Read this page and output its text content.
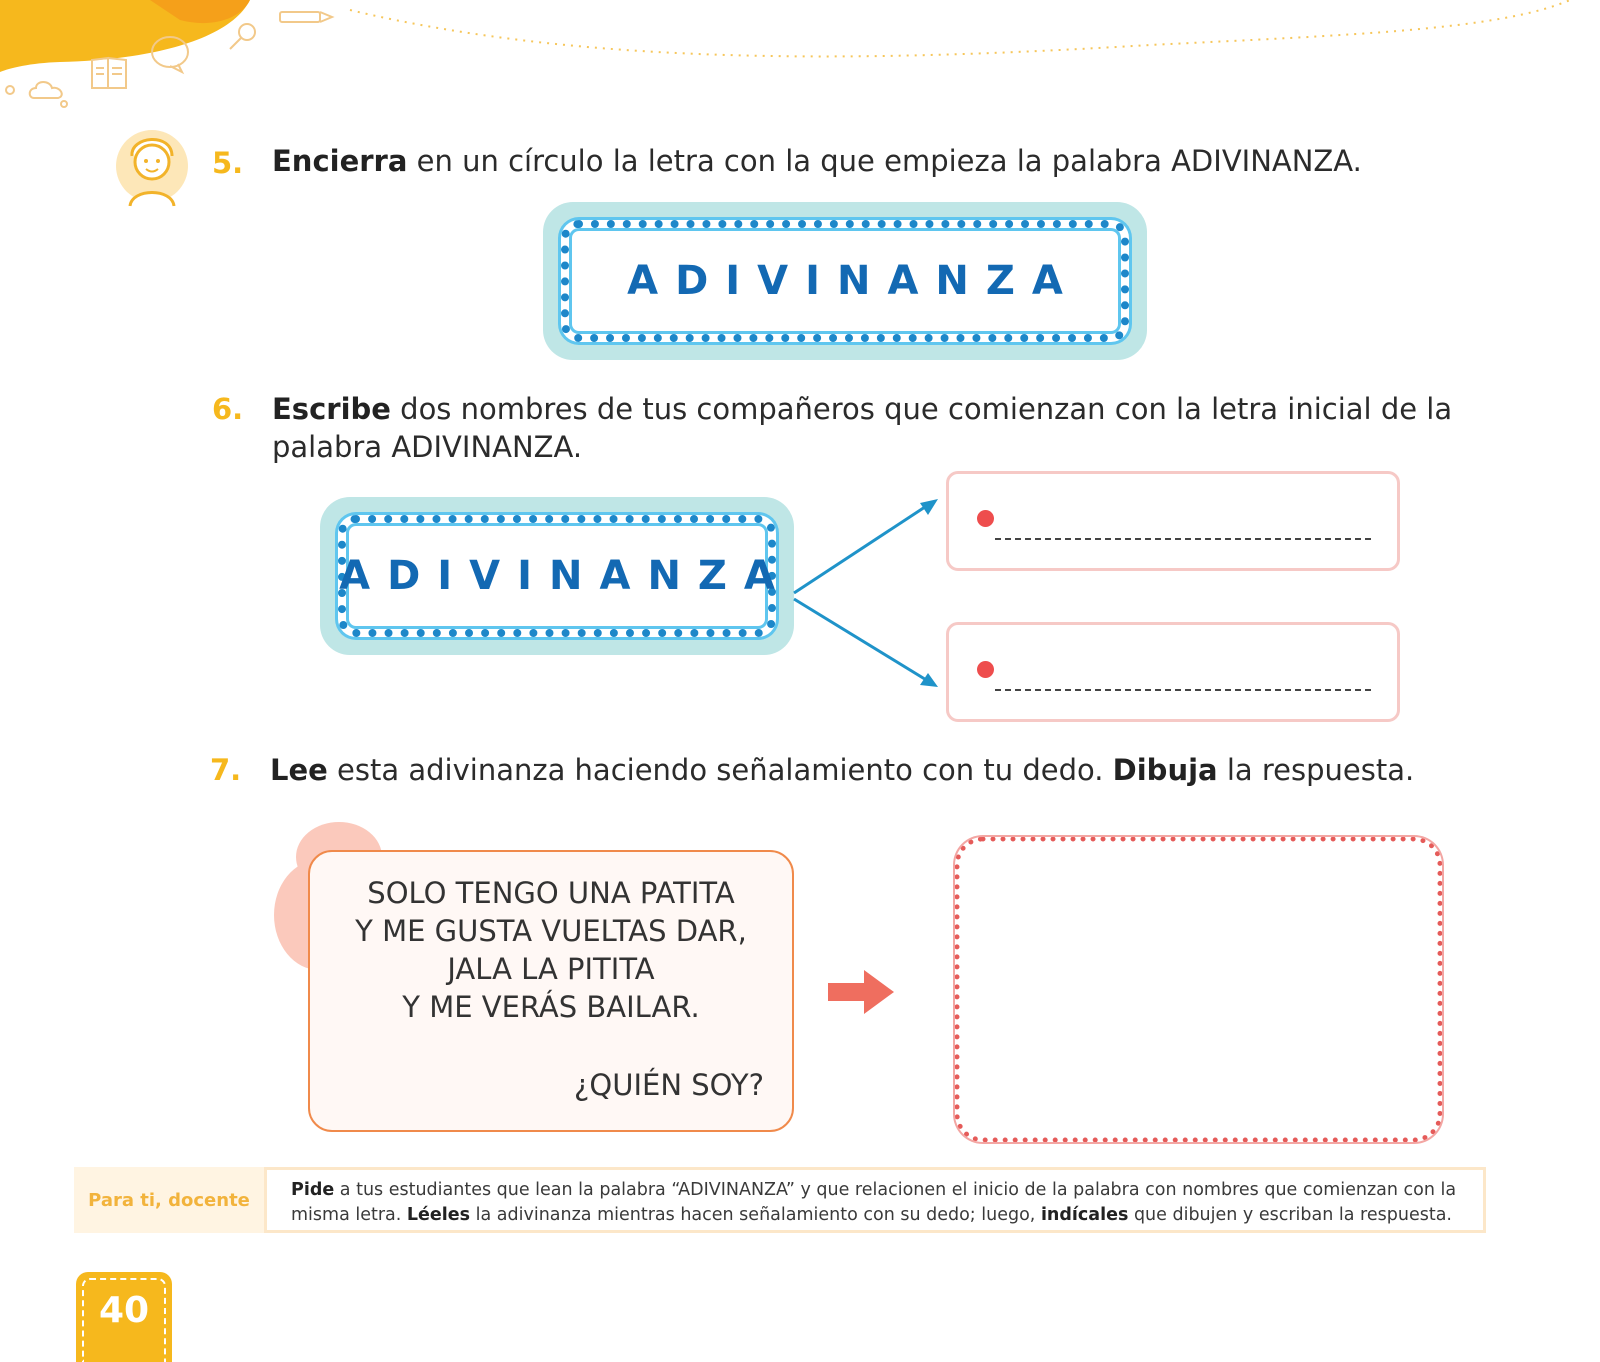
5. Encierra en un círculo la letra con la que empieza la palabra ADIVINANZA.
ADIVINANZA
6. Escribe dos nombres de tus compañeros que comienzan con la letra inicial de la
palabra ADIVINANZA.
ADIVINANZA
7. Lee esta adivinanza haciendo señalamiento con tu dedo. Dibuja la respuesta.
SOLO TENGO UNA PATITA
Y ME GUSTA VUELTAS DAR,
JALA LA PITITA
Y ME VERÁS BAILAR.
¿QUIÉN SOY?
Para ti, docente	Pide a tus estudiantes que lean la palabra “ADIVINANZA” y que relacionen el inicio de la palabra con nombres que comienzan con la
misma letra. Léeles la adivinanza mientras hacen señalamiento con su dedo; luego, indícales que dibujen y escriban la respuesta.
40
